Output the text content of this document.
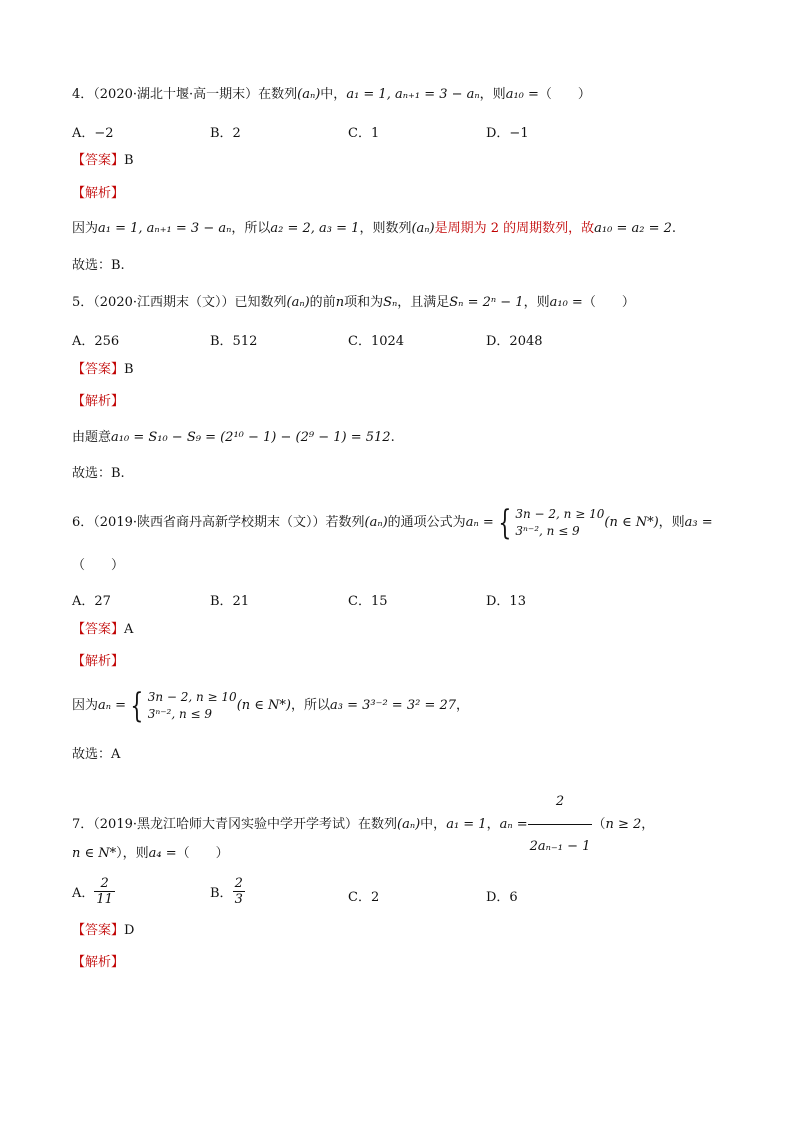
4．（2020·湖北十堰·高一期末）在数列(aₙ)中，a₁ = 1, aₙ₊₁ = 3 − aₙ，则a₁₀ =（　　）
A．−2	B．2	C．1	D．−1
【答案】B
【解析】
因为a₁ = 1, aₙ₊₁ = 3 − aₙ，所以a₂ = 2, a₃ = 1，则数列(aₙ)是周期为 2 的周期数列，故a₁₀ = a₂ = 2.
故选：B.
5．（2020·江西期末（文））已知数列(aₙ)的前n项和为Sₙ，且满足Sₙ = 2ⁿ − 1，则a₁₀ =（　　）
A．256	B．512	C．1024	D．2048
【答案】B
【解析】
由题意a₁₀ = S₁₀ − S₉ = (2¹⁰ − 1) − (2⁹ − 1) = 512.
故选：B.
6．（2019·陕西省商丹高新学校期末（文））若数列(aₙ)的通项公式为aₙ = { 3n − 2, n ≥ 10
3ⁿ⁻², n ≤ 9
(n ∈ N*)，则a₃ =
（　　）
A．27	B．21	C．15	D．13
【答案】A
【解析】
因为aₙ = { 3n − 2, n ≥ 10
3ⁿ⁻², n ≤ 9
(n ∈ N*)，所以a₃ = 3³⁻² = 3² = 27，
故选：A
7．（2019·黑龙江哈师大青冈实验中学开学考试）在数列(aₙ)中，a₁ = 1，$a_n = \frac{2}{\text{2aₙ₋₁ − 1}} (n \ge 2$，
n ∈ N*），则a₄ =（　　）
A． $\frac{2}{11}$	B． $\frac{2}{3}$	C．2	D．6
【答案】D
【解析】
